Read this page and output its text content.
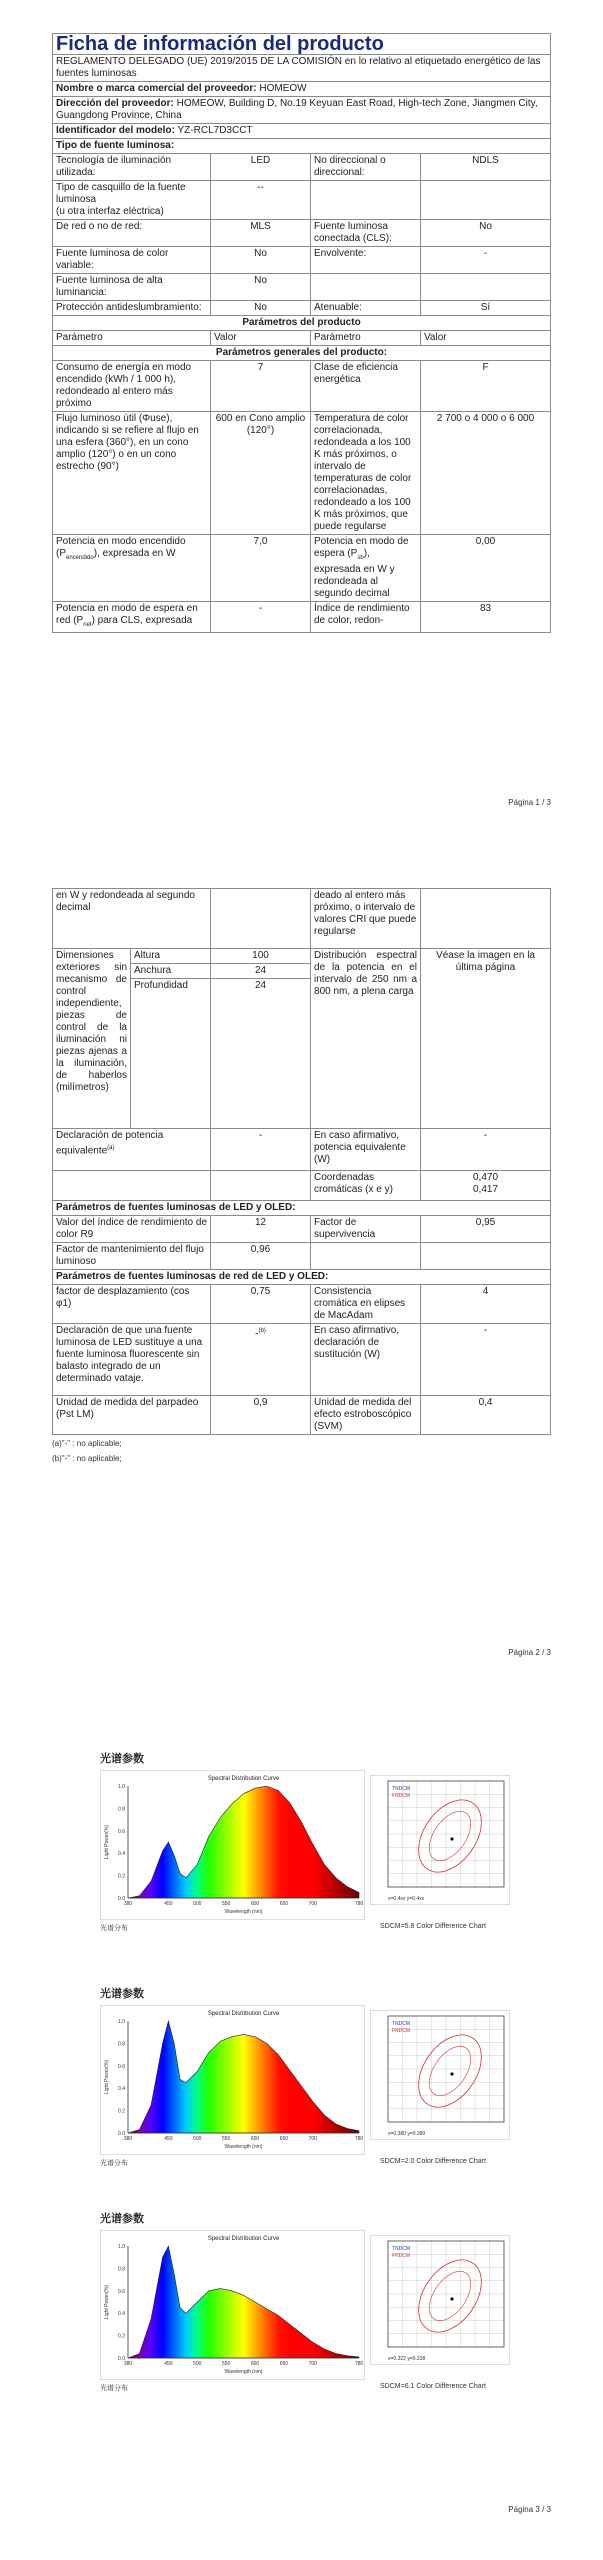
Ficha de información del producto			
REGLAMENTO DELEGADO (UE) 2019/2015 DE LA COMISIÓN en lo relativo al etiquetado energético de las fuentes luminosas			
Nombre o marca comercial del proveedor: HOMEOW			
Dirección del proveedor: HOMEOW, Building D, No.19 Keyuan East Road, High-tech Zone, Jiangmen City, Guangdong Province, China			
Identificador del modelo: YZ-RCL7D3CCT			
Tipo de fuente luminosa:			
Tecnología de iluminación utilizada:	LED	No direccional o direccional:	NDLS
Tipo de casquillo de la fuente luminosa
(u otra interfaz eléctrica)	--		
De red o no de red:	MLS	Fuente luminosa conectada (CLS):	No
Fuente luminosa de color variable:	No	Envolvente:	-
Fuente luminosa de alta luminancia:	No		
Protección antideslumbramiento:	No	Atenuable:	Sí
Parámetros del producto			
Parámetro	Valor	Parámetro	Valor
Parámetros generales del producto:			
Consumo de energía en modo encendido (kWh / 1 000 h), redondeado al entero más próximo	7	Clase de eficiencia energética	F
Flujo luminoso útil (Φuse), indicando si se refiere al flujo en una esfera (360°), en un cono amplio (120°) o en un cono estrecho (90°)	600 en Cono amplio (120°)	Temperatura de color correlacionada, redondeada a los 100 K más próximos, o intervalo de temperaturas de color correlacionadas, redondeado a los 100 K más próximos, que puede regularse	2 700 o 4 000 o 6 000
Potencia en modo encendido $(P_{encendido})$, expresada en W	7,0	Potencia en modo de espera $(P_{sb})$, expresada en W y redondeada al segundo decimal	0,00
Potencia en modo de espera en red $(P_{net})$ para CLS, expresada	-	Índice de rendimiento de color, redon-	83
Página 1 / 3
en W y redondeada al segundo decimal			deado al entero más próximo, o intervalo de valores CRI que puede regularse	
Dimensiones exteriores sin mecanismo de control independiente, piezas de control de la iluminación ni piezas ajenas a la iluminación, de haberlos (milímetros)	Altura	100	Distribución espectral de la potencia en el intervalo de 250 nm a 800 nm, a plena carga	Véase la imagen en la última página
	Anchura	24		
	Profundidad	24		
Declaración de potencia equivalente$^{(a)}$		-	En caso afirmativo, potencia equivalente (W)	-
			Coordenadas cromáticas (x e y)	0,470
0,417
Parámetros de fuentes luminosas de LED y OLED:				
Valor del índice de rendimiento de color R9		12	Factor de supervivencia	0,95
Factor de mantenimiento del flujo luminoso		0,96		
Parámetros de fuentes luminosas de red de LED y OLED:				
factor de desplazamiento (cos φ1)		0,75	Consistencia cromática en elipses de MacAdam	4
Declaración de que una fuente luminosa de LED sustituye a una fuente luminosa fluorescente sin balasto integrado de un determinado vataje.		-$^{(b)}$	En caso afirmativo, declaración de sustitución (W)	-
Unidad de medida del parpadeo (Pst LM)		0,9	Unidad de medida del efecto estroboscópico (SVM)	0,4
(a)"-" : no aplicable;
(b)"-" : no aplicable;
Página 2 / 3
光谱参数
Spectral Distribution Curve
0.0
0.2
0.4
0.6
0.8
1.0
380	450	500	550	600	650	700	780
Wavelength (nm)
Light Power(%)
TNDCM
FNDCM
x=0.4xx y=0.4xx
光谱分布	SDCM=5.8 Color Difference Chart
光谱参数
Spectral Distribution Curve
0.0
0.2
0.4
0.6
0.8
1.0
380	450	500	550	600	650	700	780
Wavelength (nm)
Light Power(%)
TNDCM
FNDCM
x=0.380 y=0.380
光谱分布	SDCM=2.0 Color Difference Chart
光谱参数
Spectral Distribution Curve
0.0
0.2
0.4
0.6
0.8
1.0
380	450	500	550	600	650	700	780
Wavelength (nm)
Light Power(%)
TNDCM
FNDCM
x=0.322 y=0.338
光谱分布	SDCM=6.1 Color Difference Chart
Página 3 / 3
